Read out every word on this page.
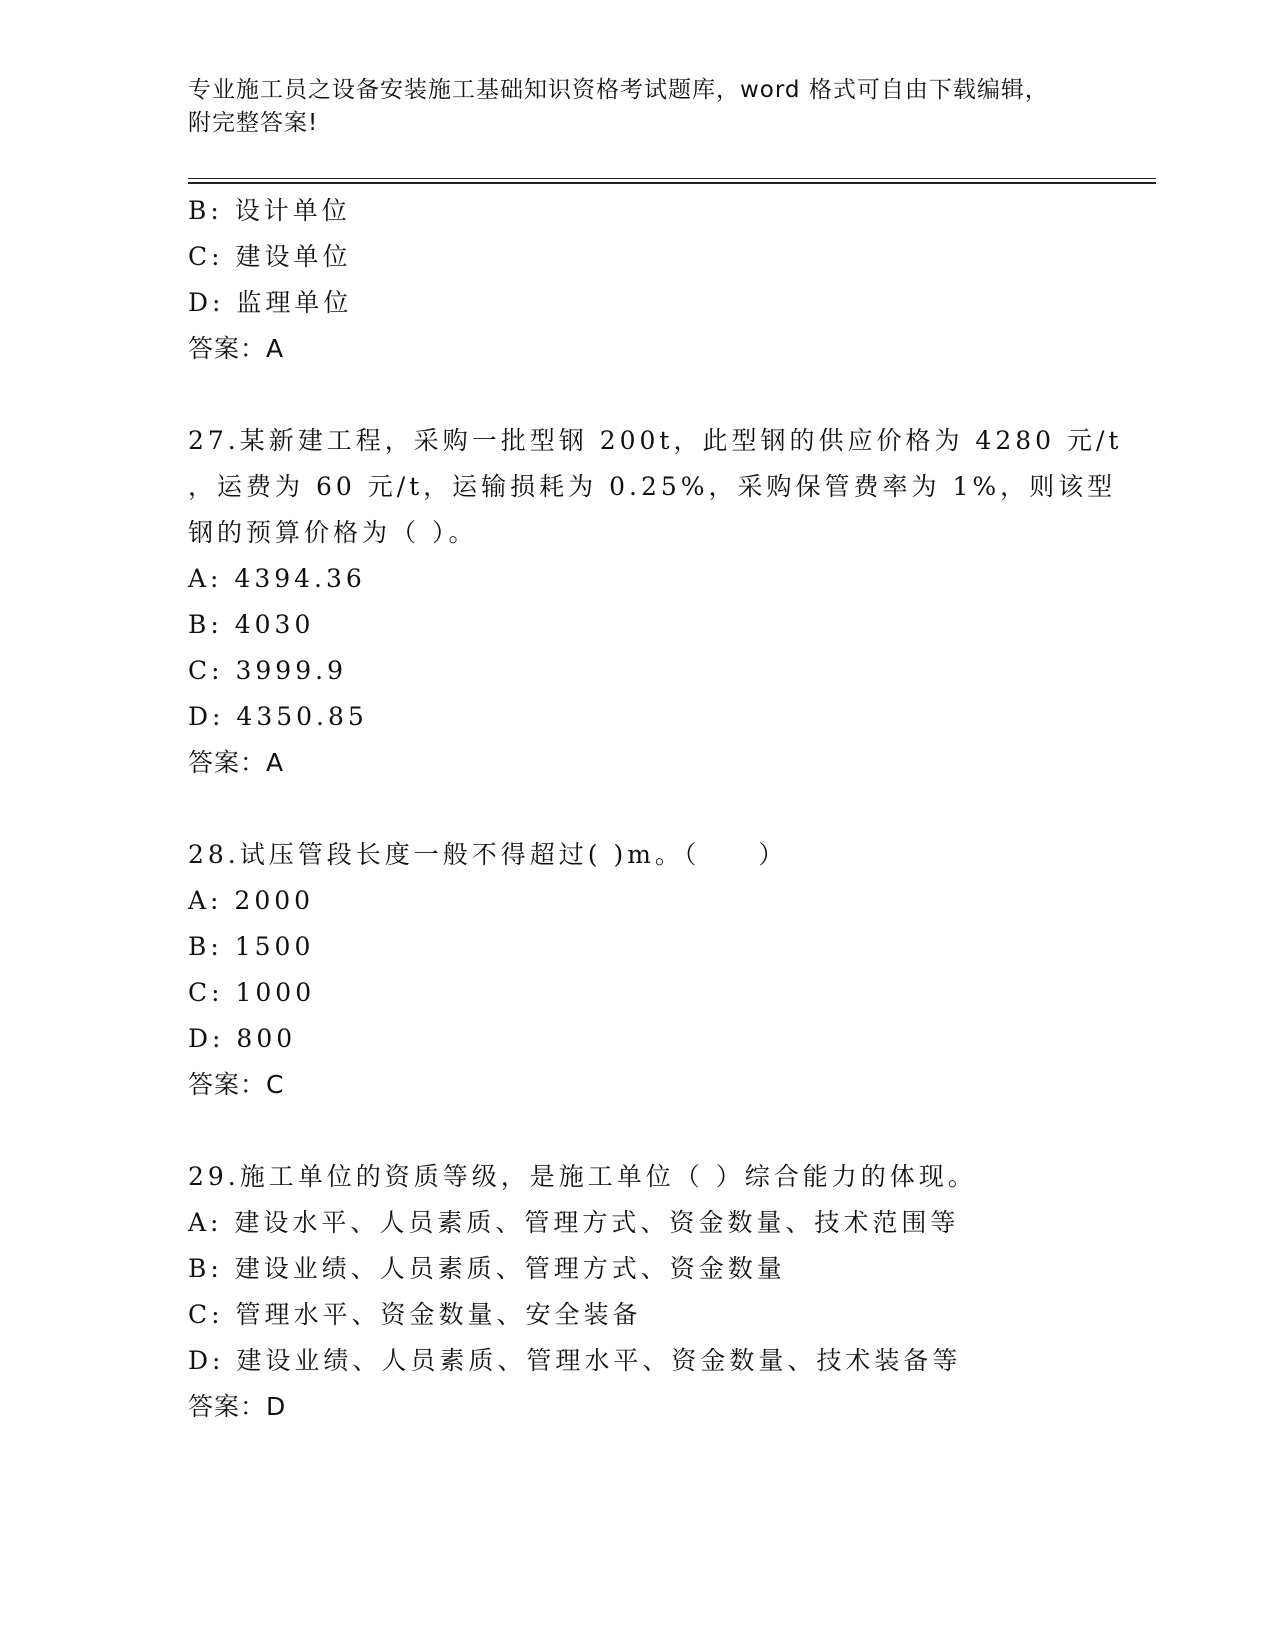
专业施工员之设备安装施工基础知识资格考试题库，word 格式可自由下载编辑，
附完整答案!
B: 设计单位
C: 建设单位
D: 监理单位
答案：A
27.某新建工程，采购一批型钢 200t，此型钢的供应价格为 4280 元/t
，运费为 60 元/t，运输损耗为 0.25%，采购保管费率为 1%，则该型
钢的预算价格为（ ）。
A: 4394.36
B: 4030
C: 3999.9
D: 4350.85
答案：A
28.试压管段长度一般不得超过( )m。（　　）
A: 2000
B: 1500
C: 1000
D: 800
答案：C
29.施工单位的资质等级，是施工单位（ ）综合能力的体现。
A: 建设水平、人员素质、管理方式、资金数量、技术范围等
B: 建设业绩、人员素质、管理方式、资金数量
C: 管理水平、资金数量、安全装备
D: 建设业绩、人员素质、管理水平、资金数量、技术装备等
答案：D
